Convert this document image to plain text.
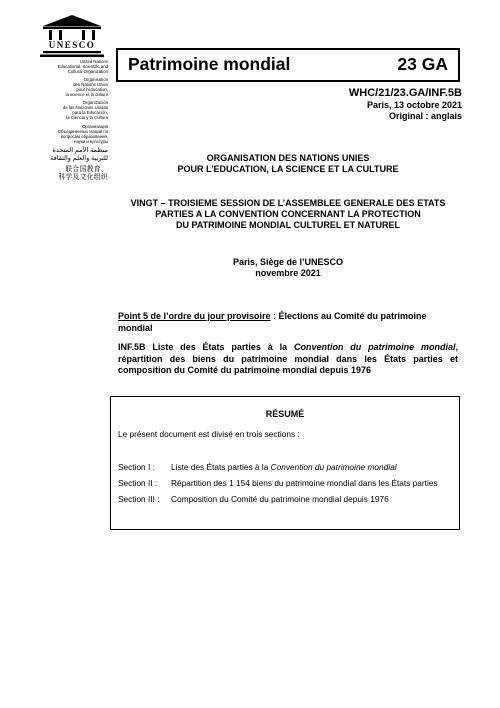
UNESCO
United Nations
Educational, Scientific and
Cultural Organization
Organisation
des Nations Unies
pour l’éducation,
la science et la culture
Organización
de las Naciones Unidas
para la Educación,
la Ciencia y la Cultura
Организация
Объединенных Наций по
вопросам образования,
науки и культуры
منظمة الأمم المتحدة
للتربية والعلم والثقافة
联合国教育、
科学及文化组织
Patrimoine mondial	23 GA
WHC/21/23.GA/INF.5B
Paris, 13 octobre 2021
Original : anglais
ORGANISATION DES NATIONS UNIES
POUR L’EDUCATION, LA SCIENCE ET LA CULTURE
VINGT – TROISIEME SESSION DE L’ASSEMBLEE GENERALE DES ETATS
PARTIES A LA CONVENTION CONCERNANT LA PROTECTION
DU PATRIMOINE MONDIAL CULTUREL ET NATUREL
Paris, Siège de l’UNESCO
novembre 2021
Point 5 de l’ordre du jour provisoire : Élections au Comité du patrimoine mondial
INF.5B Liste des États parties à la Convention du patrimoine mondial, répartition des biens du patrimoine mondial dans les États parties et composition du Comité du patrimoine mondial depuis 1976
RÉSUMÉ
Le présent document est divisé en trois sections :
Section I : Liste des États parties à la Convention du patrimoine mondial
Section II : Répartition des 1 154 biens du patrimoine mondial dans les États parties
Section III : Composition du Comité du patrimoine mondial depuis 1976
